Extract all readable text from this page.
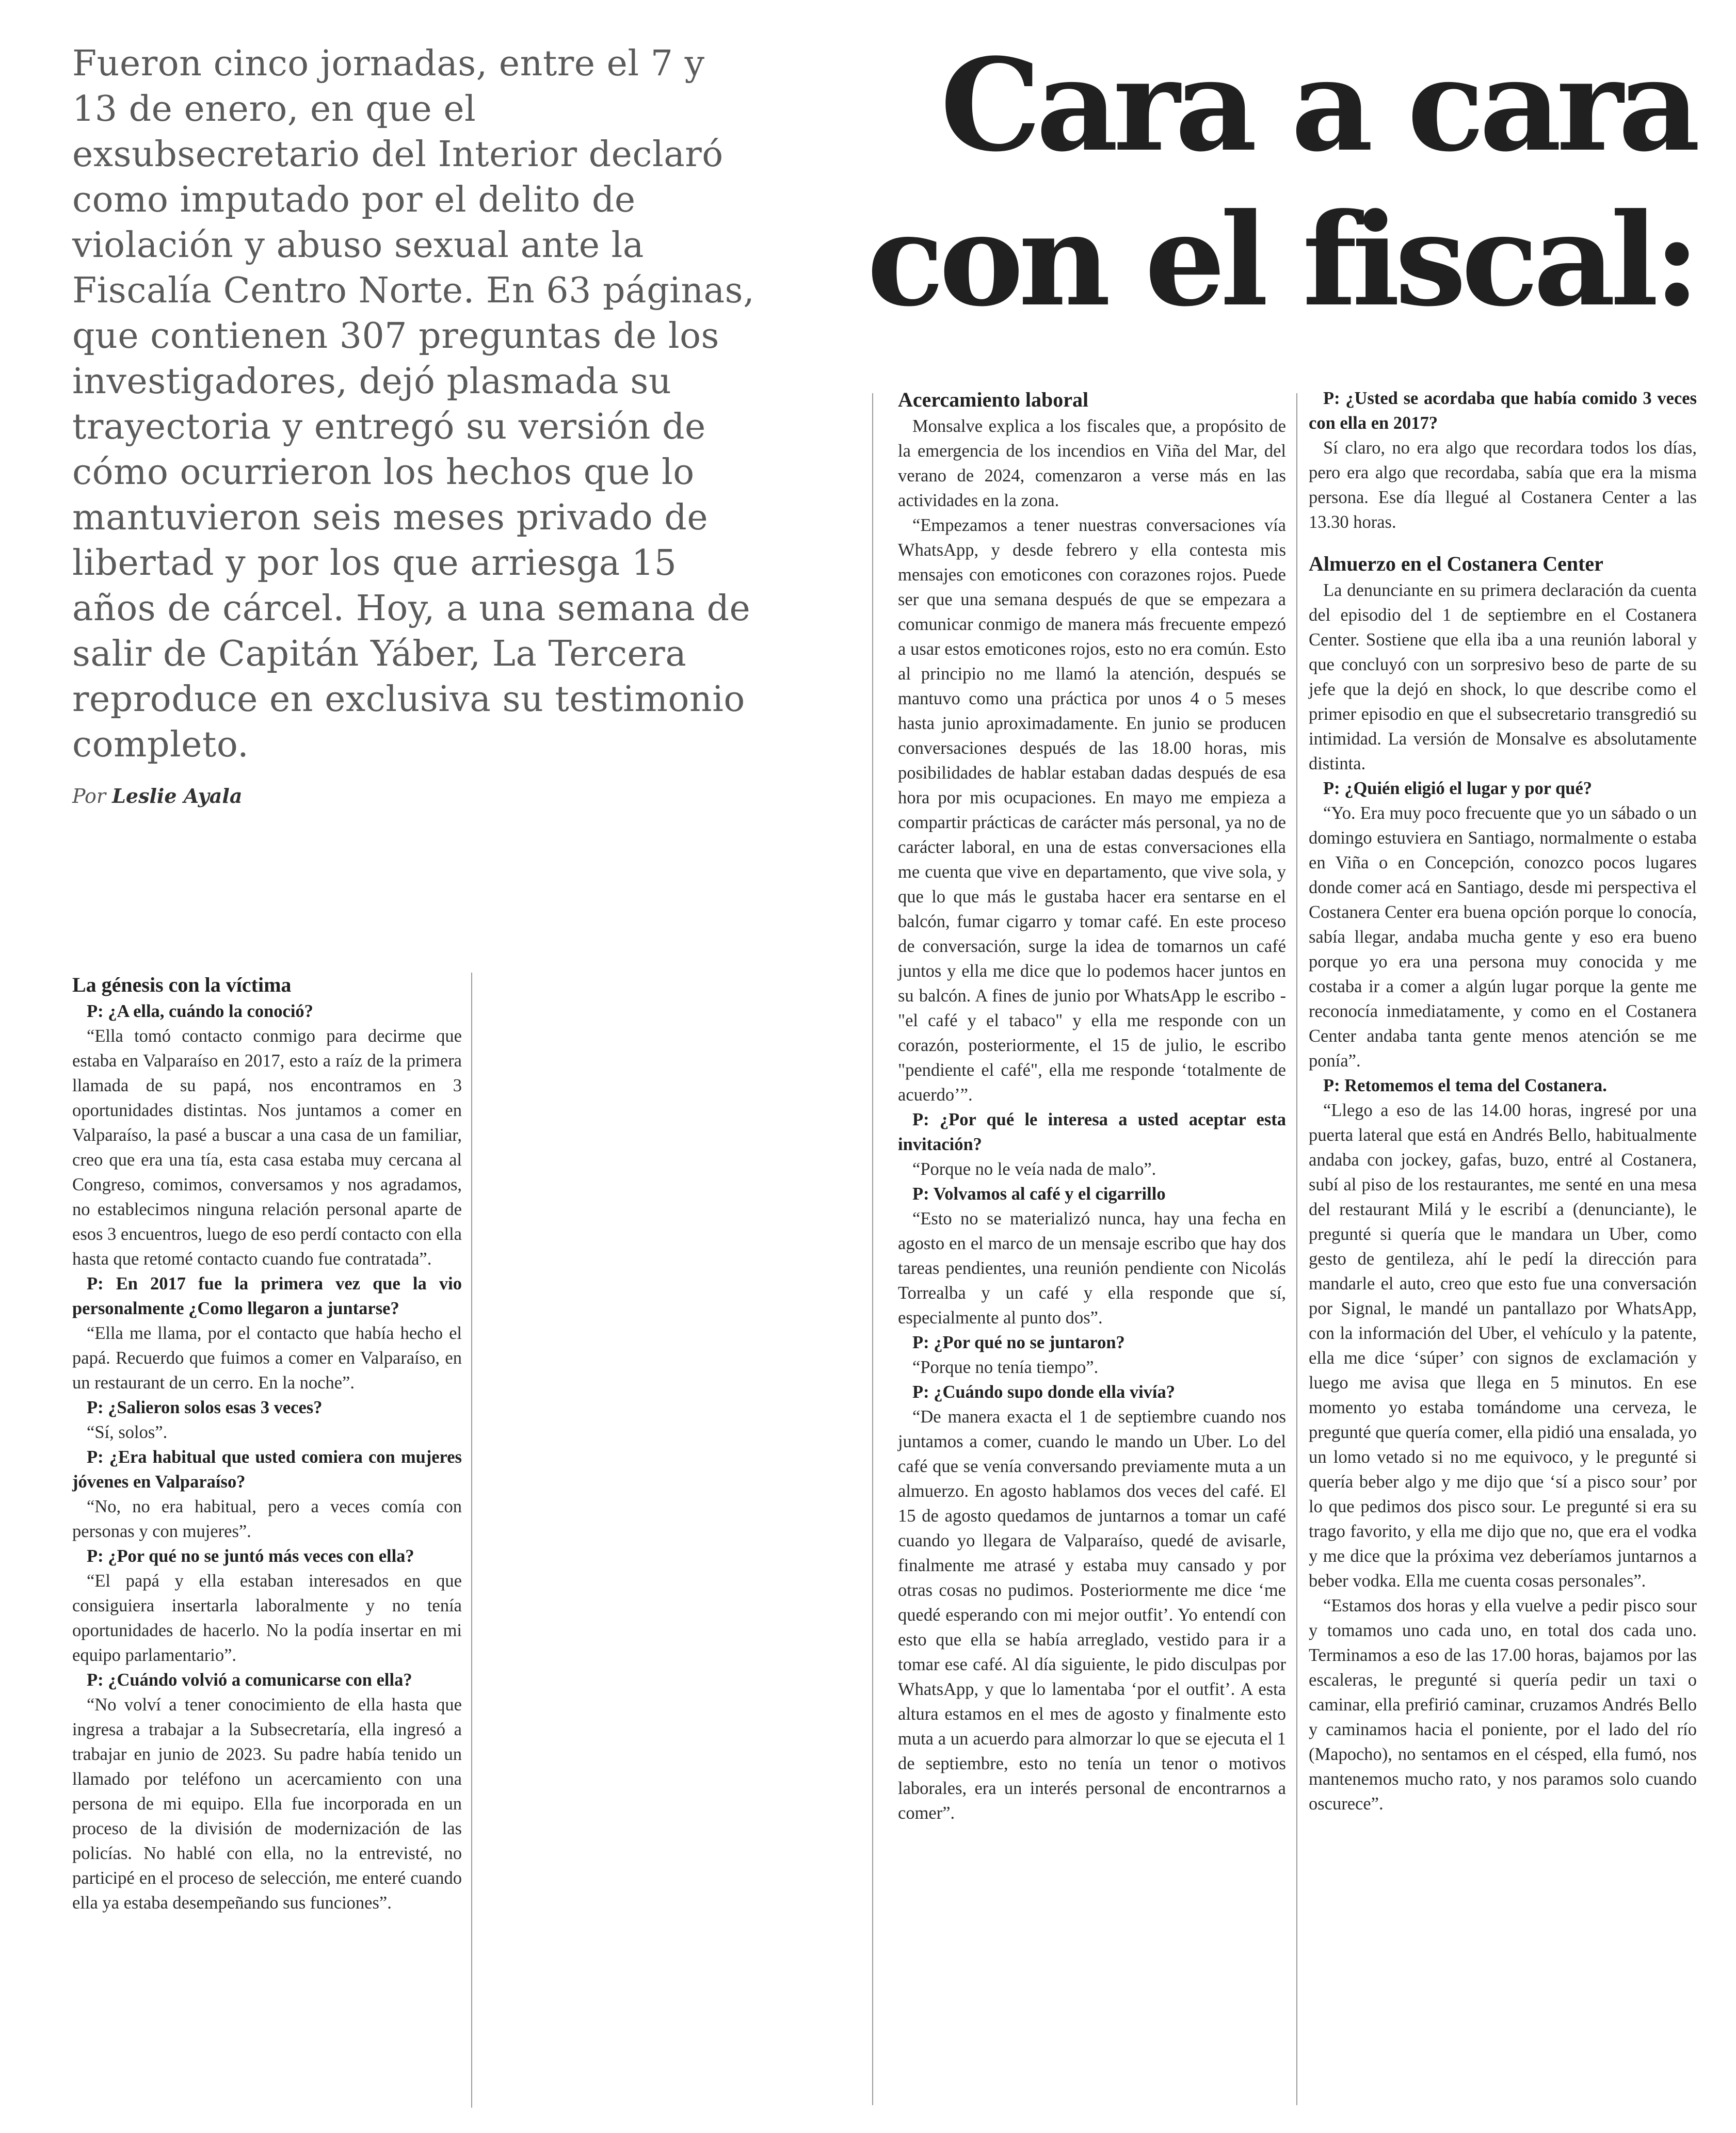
Fueron cinco jornadas, entre el 7 y 13 de enero, en que el exsubsecretario del Interior declaró como imputado por el delito de violación y abuso sexual ante la Fiscalía Centro Norte. En 63 páginas, que contienen 307 preguntas de los investigadores, dejó plasmada su trayectoria y entregó su versión de cómo ocurrieron los hechos que lo mantuvieron seis meses privado de libertad y por los que arriesga 15 años de cárcel. Hoy, a una semana de salir de Capitán Yáber, La Tercera reproduce en exclusiva su testimonio completo.
Por Leslie Ayala
Cara a cara
con el fiscal:
La génesis con la víctima

P: ¿A ella, cuándo la conoció?

“Ella tomó contacto conmigo para decirme que estaba en Valparaíso en 2017, esto a raíz de la primera llamada de su papá, nos encontramos en 3 oportunidades distintas. Nos juntamos a comer en Valparaíso, la pasé a buscar a una casa de un familiar, creo que era una tía, esta casa estaba muy cercana al Congreso, comimos, conversamos y nos agradamos, no establecimos ninguna relación personal aparte de esos 3 encuentros, luego de eso perdí contacto con ella hasta que retomé contacto cuando fue contratada”.

P: En 2017 fue la primera vez que la vio personalmente ¿Como llegaron a juntarse?

“Ella me llama, por el contacto que había hecho el papá. Recuerdo que fuimos a comer en Valparaíso, en un restaurant de un cerro. En la noche”.

P: ¿Salieron solos esas 3 veces?

“Sí, solos”.

P: ¿Era habitual que usted comiera con mujeres jóvenes en Valparaíso?

“No, no era habitual, pero a veces comía con personas y con mujeres”.

P: ¿Por qué no se juntó más veces con ella?

“El papá y ella estaban interesados en que consiguiera insertarla laboralmente y no tenía oportunidades de hacerlo. No la podía insertar en mi equipo parlamentario”.

P: ¿Cuándo volvió a comunicarse con ella?

“No volví a tener conocimiento de ella hasta que ingresa a trabajar a la Subsecretaría, ella ingresó a trabajar en junio de 2023. Su padre había tenido un llamado por teléfono un acercamiento con una persona de mi equipo. Ella fue incorporada en un proceso de la división de modernización de las policías. No hablé con ella, no la entrevisté, no participé en el proceso de selección, me enteré cuando ella ya estaba desempeñando sus funciones”.

Acercamiento laboral

Monsalve explica a los fiscales que, a propósito de la emergencia de los incendios en Viña del Mar, del verano de 2024, comenzaron a verse más en las actividades en la zona.

“Empezamos a tener nuestras conversaciones vía WhatsApp, y desde febrero y ella contesta mis mensajes con emoticones con corazones rojos. Puede ser que una semana después de que se empezara a comunicar conmigo de manera más frecuente empezó a usar estos emoticones rojos, esto no era común. Esto al principio no me llamó la atención, después se mantuvo como una práctica por unos 4 o 5 meses hasta junio aproximadamente. En junio se producen conversaciones después de las 18.00 horas, mis posibilidades de hablar estaban dadas después de esa hora por mis ocupaciones. En mayo me empieza a compartir prácticas de carácter más personal, ya no de carácter laboral, en una de estas conversaciones ella me cuenta que vive en departamento, que vive sola, y que lo que más le gustaba hacer era sentarse en el balcón, fumar cigarro y tomar café. En este proceso de conversación, surge la idea de tomarnos un café juntos y ella me dice que lo podemos hacer juntos en su balcón. A fines de junio por WhatsApp le escribo -"el café y el tabaco" y ella me responde con un corazón, posteriormente, el 15 de julio, le escribo "pendiente el café", ella me responde ‘totalmente de acuerdo’”.

P: ¿Por qué le interesa a usted aceptar esta invitación?

“Porque no le veía nada de malo”.

P: Volvamos al café y el cigarrillo

“Esto no se materializó nunca, hay una fecha en agosto en el marco de un mensaje escribo que hay dos tareas pendientes, una reunión pendiente con Nicolás Torrealba y un café y ella responde que sí, especialmente al punto dos”.

P: ¿Por qué no se juntaron?

“Porque no tenía tiempo”.

P: ¿Cuándo supo donde ella vivía?

“De manera exacta el 1 de septiembre cuando nos juntamos a comer, cuando le mando un Uber. Lo del café que se venía conversando previamente muta a un almuerzo. En agosto hablamos dos veces del café. El 15 de agosto quedamos de juntarnos a tomar un café cuando yo llegara de Valparaíso, quedé de avisarle, finalmente me atrasé y estaba muy cansado y por otras cosas no pudimos. Posteriormente me dice ‘me quedé esperando con mi mejor outfit’. Yo entendí con esto que ella se había arreglado, vestido para ir a tomar ese café. Al día siguiente, le pido disculpas por WhatsApp, y que lo lamentaba ‘por el outfit’. A esta altura estamos en el mes de agosto y finalmente esto muta a un acuerdo para almorzar lo que se ejecuta el 1 de septiembre, esto no tenía un tenor o motivos laborales, era un interés personal de encontrarnos a comer”.

P: ¿Usted se acordaba que había comido 3 veces con ella en 2017?

Sí claro, no era algo que recordara todos los días, pero era algo que recordaba, sabía que era la misma persona. Ese día llegué al Costanera Center a las 13.30 horas.

Almuerzo en el Costanera Center

La denunciante en su primera declaración da cuenta del episodio del 1 de septiembre en el Costanera Center. Sostiene que ella iba a una reunión laboral y que concluyó con un sorpresivo beso de parte de su jefe que la dejó en shock, lo que describe como el primer episodio en que el subsecretario transgredió su intimidad. La versión de Monsalve es absolutamente distinta.

P: ¿Quién eligió el lugar y por qué?

“Yo. Era muy poco frecuente que yo un sábado o un domingo estuviera en Santiago, normalmente o estaba en Viña o en Concepción, conozco pocos lugares donde comer acá en Santiago, desde mi perspectiva el Costanera Center era buena opción porque lo conocía, sabía llegar, andaba mucha gente y eso era bueno porque yo era una persona muy conocida y me costaba ir a comer a algún lugar porque la gente me reconocía inmediatamente, y como en el Costanera Center andaba tanta gente menos atención se me ponía”.

P: Retomemos el tema del Costanera.

“Llego a eso de las 14.00 horas, ingresé por una puerta lateral que está en Andrés Bello, habitualmente andaba con jockey, gafas, buzo, entré al Costanera, subí al piso de los restaurantes, me senté en una mesa del restaurant Milá y le escribí a (denunciante), le pregunté si quería que le mandara un Uber, como gesto de gentileza, ahí le pedí la dirección para mandarle el auto, creo que esto fue una conversación por Signal, le mandé un pantallazo por WhatsApp, con la información del Uber, el vehículo y la patente, ella me dice ‘súper’ con signos de exclamación y luego me avisa que llega en 5 minutos. En ese momento yo estaba tomándome una cerveza, le pregunté que quería comer, ella pidió una ensalada, yo un lomo vetado si no me equivoco, y le pregunté si quería beber algo y me dijo que ‘sí a pisco sour’ por lo que pedimos dos pisco sour. Le pregunté si era su trago favorito, y ella me dijo que no, que era el vodka y me dice que la próxima vez deberíamos juntarnos a beber vodka. Ella me cuenta cosas personales”.

“Estamos dos horas y ella vuelve a pedir pisco sour y tomamos uno cada uno, en total dos cada uno. Terminamos a eso de las 17.00 horas, bajamos por las escaleras, le pregunté si quería pedir un taxi o caminar, ella prefirió caminar, cruzamos Andrés Bello y caminamos hacia el poniente, por el lado del río (Mapocho), no sentamos en el césped, ella fumó, nos mantenemos mucho rato, y nos paramos solo cuando oscurece”.
